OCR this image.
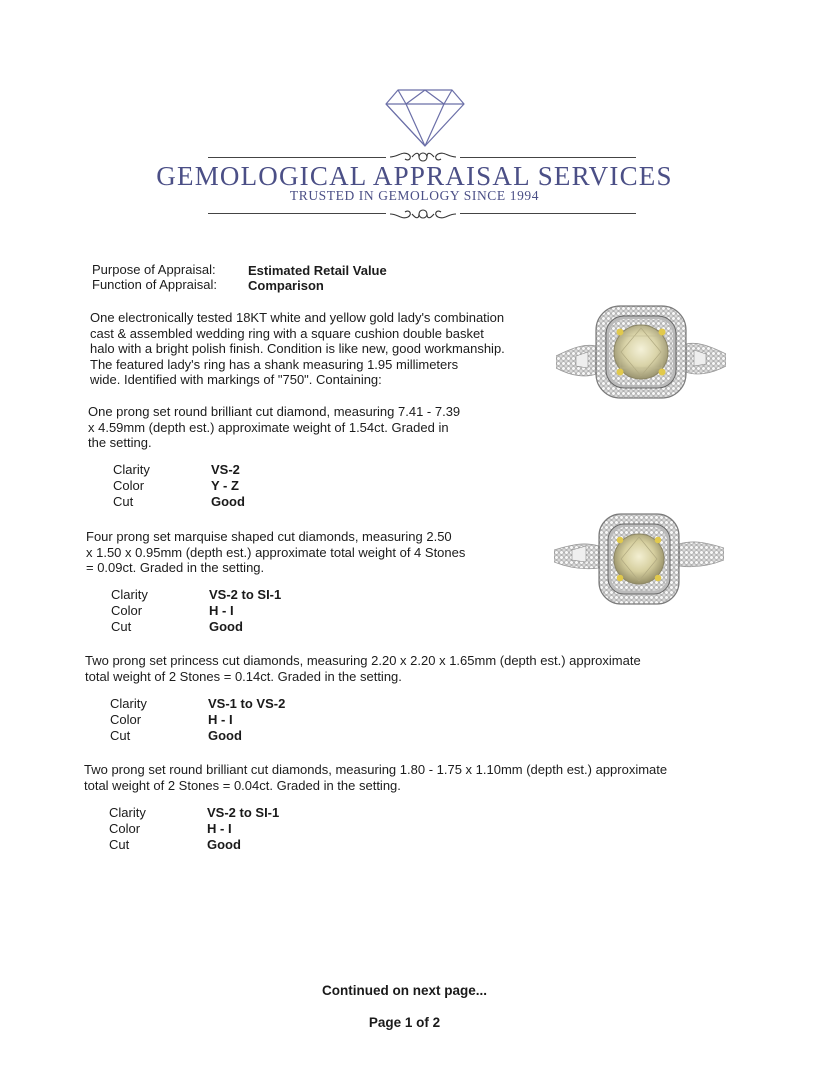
GEMOLOGICAL APPRAISAL SERVICES
TRUSTED IN GEMOLOGY SINCE 1994
Purpose of Appraisal: Estimated Retail Value
Function of Appraisal: Comparison
One electronically tested 18KT white and yellow gold lady's combination
cast & assembled wedding ring with a square cushion double basket
halo with a bright polish finish. Condition is like new, good workmanship.
The featured lady's ring has a shank measuring 1.95 millimeters
wide. Identified with markings of "750". Containing:
One prong set round brilliant cut diamond, measuring 7.41 - 7.39
x 4.59mm (depth est.) approximate weight of 1.54ct. Graded in
the setting.
Clarity	VS-2
Color	Y - Z
Cut	Good
Four prong set marquise shaped cut diamonds, measuring 2.50
x 1.50 x 0.95mm (depth est.) approximate total weight of 4 Stones
= 0.09ct. Graded in the setting.
Clarity	VS-2 to SI-1
Color	H - I
Cut	Good
Two prong set princess cut diamonds, measuring 2.20 x 2.20 x 1.65mm (depth est.) approximate
total weight of 2 Stones = 0.14ct. Graded in the setting.
Clarity	VS-1 to VS-2
Color	H - I
Cut	Good
Two prong set round brilliant cut diamonds, measuring 1.80 - 1.75 x 1.10mm (depth est.) approximate
total weight of 2 Stones = 0.04ct. Graded in the setting.
Clarity	VS-2 to SI-1
Color	H - I
Cut	Good
Continued on next page...
Page 1 of 2
